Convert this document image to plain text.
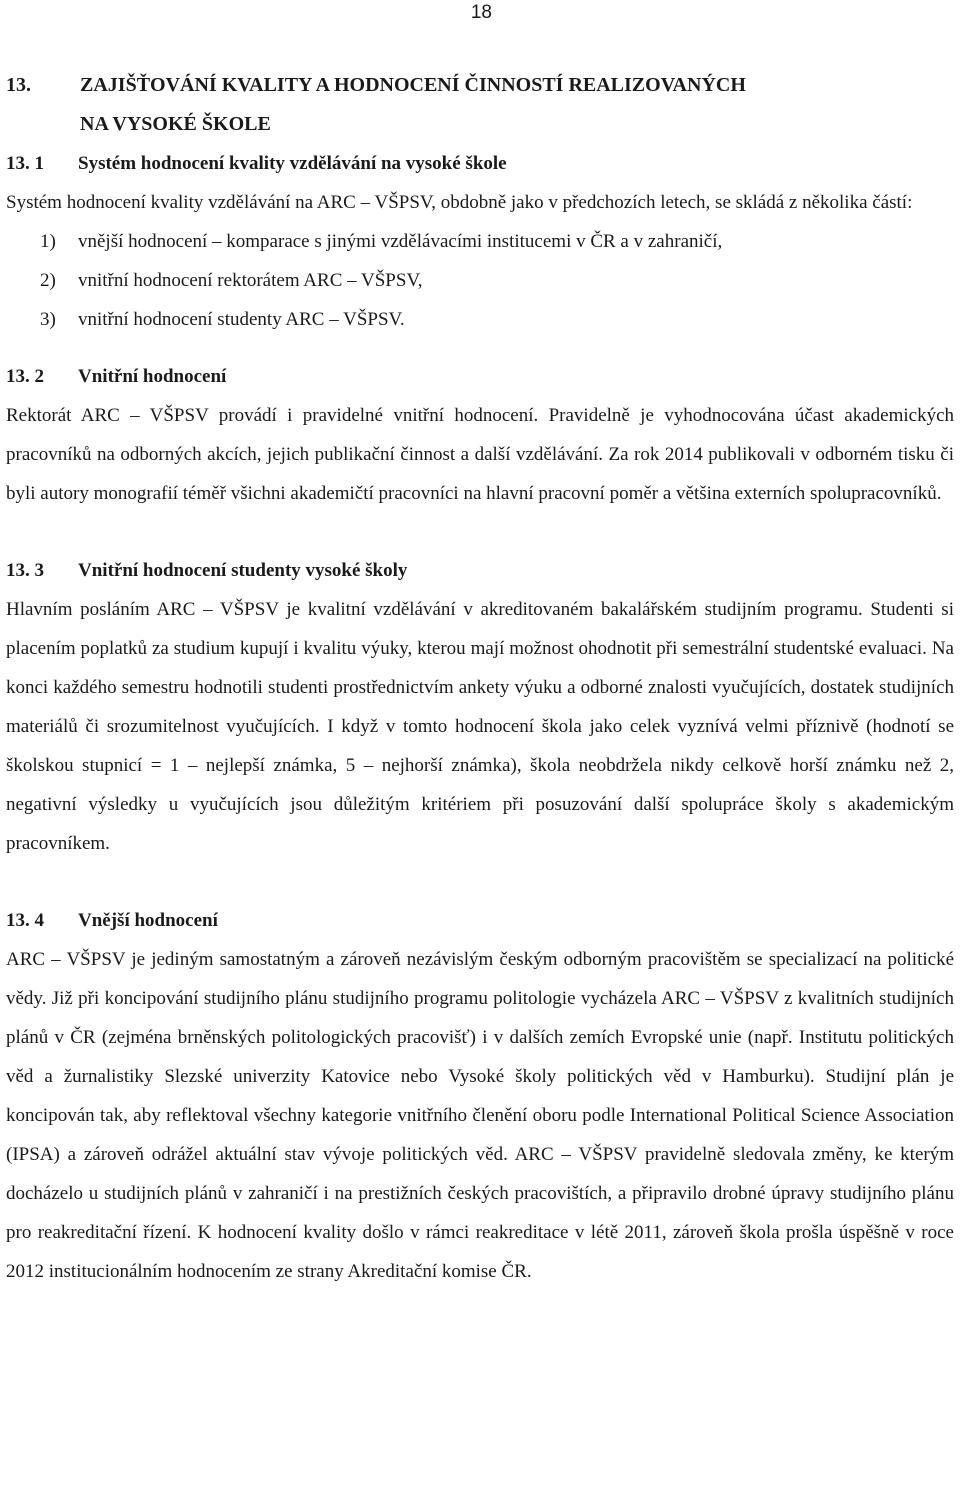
18
13. ZAJIŠŤOVÁNÍ KVALITY A HODNOCENÍ ČINNOSTÍ REALIZOVANÝCH
NA VYSOKÉ ŠKOLE
13. 1 Systém hodnocení kvality vzdělávání na vysoké škole

Systém hodnocení kvality vzdělávání na ARC – VŠPSV, obdobně jako v předchozích letech, se skládá z několika částí:

1) vnější hodnocení – komparace s jinými vzdělávacími institucemi v ČR a v zahraničí,
2) vnitřní hodnocení rektorátem ARC – VŠPSV,
3) vnitřní hodnocení studenty ARC – VŠPSV.
13. 2 Vnitřní hodnocení

Rektorát ARC – VŠPSV provádí i pravidelné vnitřní hodnocení. Pravidelně je vyhodnocována účast akademických pracovníků na odborných akcích, jejich publikační činnost a další vzdělávání. Za rok 2014 publikovali v odborném tisku či byli autory monografií téměř všichni akademičtí pracovníci na hlavní pracovní poměr a většina externích spolupracovníků.

13. 3 Vnitřní hodnocení studenty vysoké školy

Hlavním posláním ARC – VŠPSV je kvalitní vzdělávání v akreditovaném bakalářském studijním programu. Studenti si placením poplatků za studium kupují i kvalitu výuky, kterou mají možnost ohodnotit při semestrální studentské evaluaci. Na konci každého semestru hodnotili studenti prostřednictvím ankety výuku a odborné znalosti vyučujících, dostatek studijních materiálů či srozumitelnost vyučujících. I když v tomto hodnocení škola jako celek vyznívá velmi příznivě (hodnotí se školskou stupnicí = 1 – nejlepší známka, 5 – nejhorší známka), škola neobdržela nikdy celkově horší známku než 2, negativní výsledky u vyučujících jsou důležitým kritériem při posuzování další spolupráce školy s akademickým pracovníkem.

13. 4 Vnější hodnocení

ARC – VŠPSV je jediným samostatným a zároveň nezávislým českým odborným pracovištěm se specializací na politické vědy. Již při koncipování studijního plánu studijního programu politologie vycházela ARC – VŠPSV z kvalitních studijních plánů v ČR (zejména brněnských politologických pracovišť) i v dalších zemích Evropské unie (např. Institutu politických věd a žurnalistiky Slezské univerzity Katovice nebo Vysoké školy politických věd v Hamburku). Studijní plán je koncipován tak, aby reflektoval všechny kategorie vnitřního členění oboru podle International Political Science Association (IPSA) a zároveň odrážel aktuální stav vývoje politických věd. ARC – VŠPSV pravidelně sledovala změny, ke kterým docházelo u studijních plánů v zahraničí i na prestižních českých pracovištích, a připravilo drobné úpravy studijního plánu pro reakreditační řízení. K hodnocení kvality došlo v rámci reakreditace v létě 2011, zároveň škola prošla úspěšně v roce 2012 institucionálním hodnocením ze strany Akreditační komise ČR.
